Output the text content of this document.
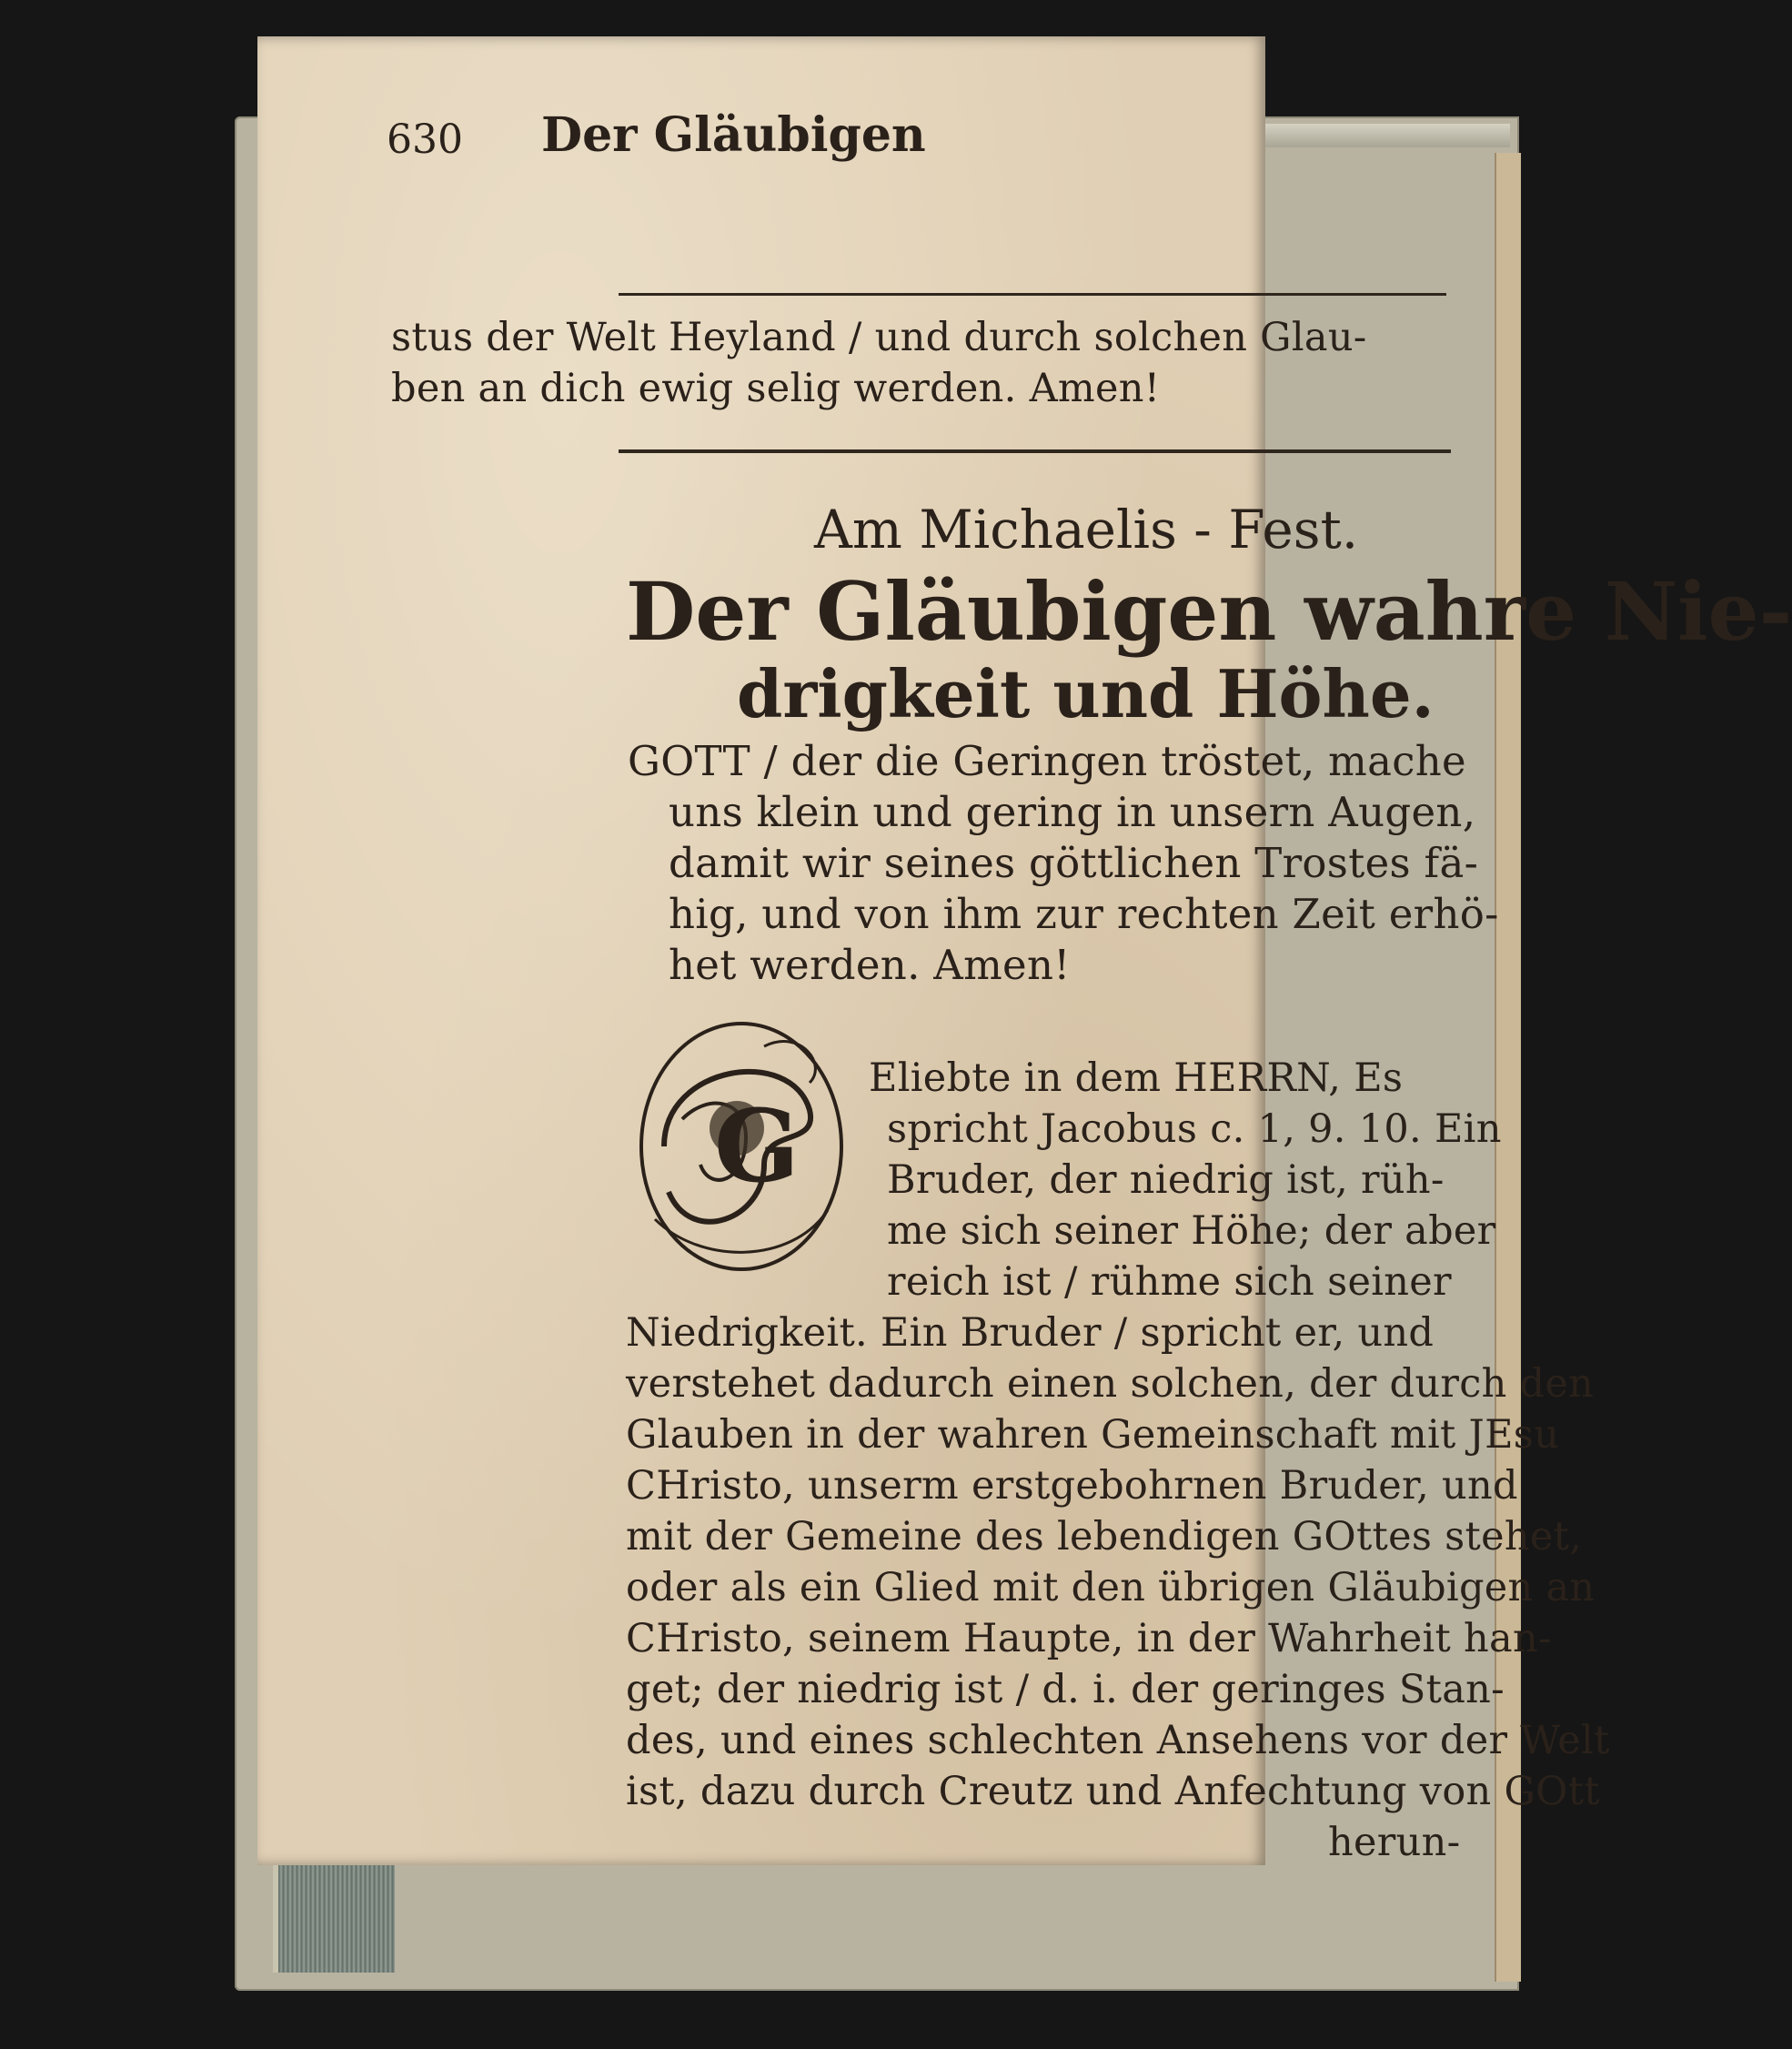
630 Der Gläubigen
stus der Welt Heyland / und durch solchen Glau-
ben an dich ewig selig werden. Amen!
Am Michaelis - Fest.
Der Gläubigen wahre Nie-
drigkeit und Höhe.
GOTT / der die Geringen tröstet, mache
uns klein und gering in unsern Augen,
damit wir seines göttlichen Trostes fä-
hig, und von ihm zur rechten Zeit erhö-
het werden. Amen!
G
Eliebte in dem HERRN, Es
spricht Jacobus c. 1, 9. 10. Ein
Bruder, der niedrig ist, rüh-
me sich seiner Höhe; der aber
reich ist / rühme sich seiner
Niedrigkeit. Ein Bruder / spricht er, und
verstehet dadurch einen solchen, der durch den
Glauben in der wahren Gemeinschaft mit JEsu
CHristo, unserm erstgebohrnen Bruder, und
mit der Gemeine des lebendigen GOttes stehet,
oder als ein Glied mit den übrigen Gläubigen an
CHristo, seinem Haupte, in der Wahrheit han-
get; der niedrig ist / d. i. der geringes Stan-
des, und eines schlechten Ansehens vor der Welt
ist, dazu durch Creutz und Anfechtung von GOtt
herun-
